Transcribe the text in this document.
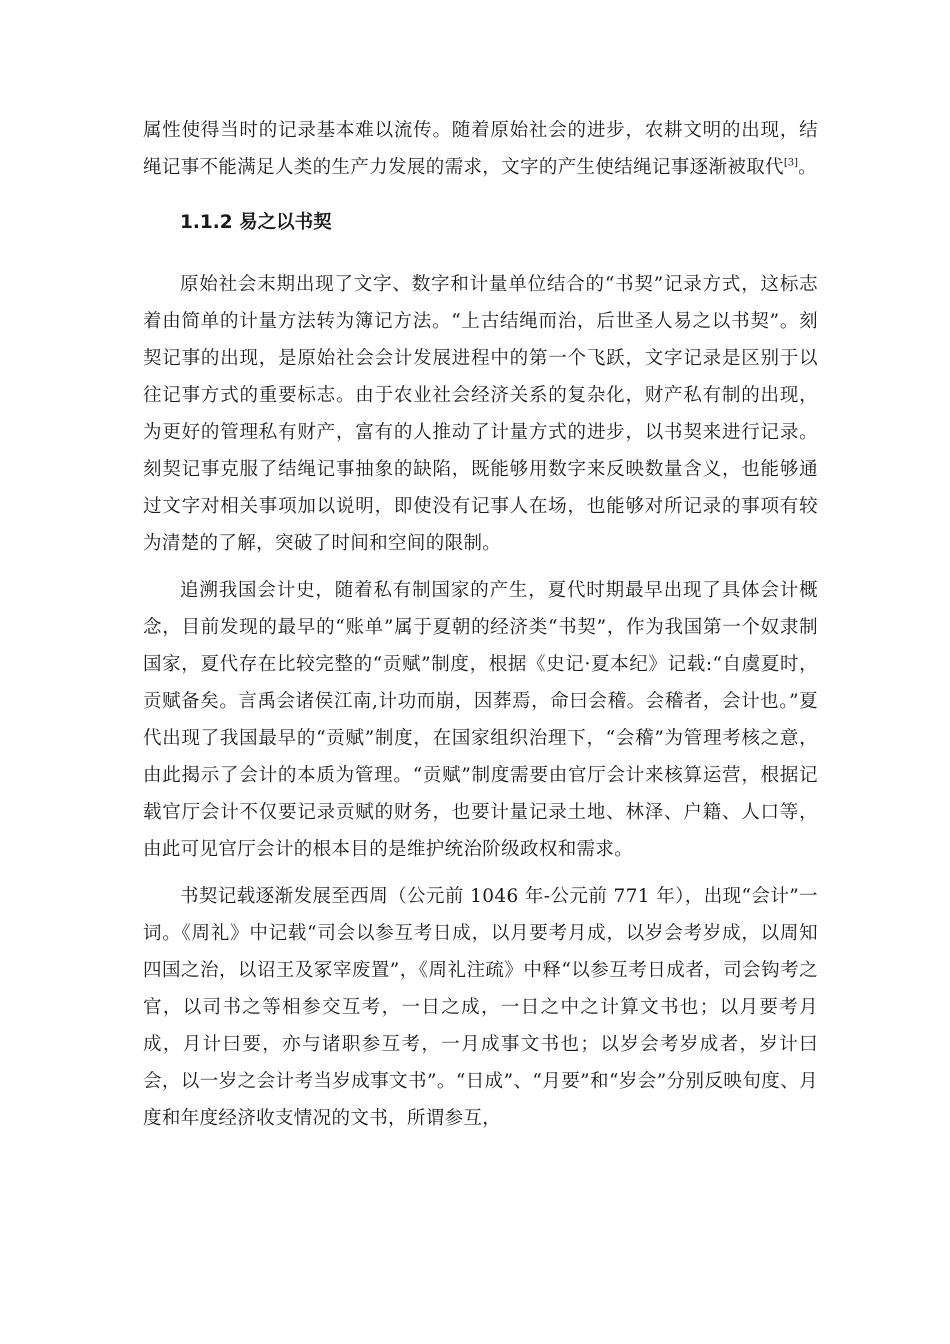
属性使得当时的记录基本难以流传。随着原始社会的进步，农耕文明的出现，结绳记事不能满足人类的生产力发展的需求，文字的产生使结绳记事逐渐被取代[3]。

1.1.2 易之以书契

原始社会末期出现了文字、数字和计量单位结合的“书契”记录方式，这标志着由简单的计量方法转为簿记方法。“上古结绳而治，后世圣人易之以书契”。刻契记事的出现，是原始社会会计发展进程中的第一个飞跃，文字记录是区别于以往记事方式的重要标志。由于农业社会经济关系的复杂化，财产私有制的出现，为更好的管理私有财产，富有的人推动了计量方式的进步，以书契来进行记录。刻契记事克服了结绳记事抽象的缺陷，既能够用数字来反映数量含义，也能够通过文字对相关事项加以说明，即使没有记事人在场，也能够对所记录的事项有较为清楚的了解，突破了时间和空间的限制。

追溯我国会计史，随着私有制国家的产生，夏代时期最早出现了具体会计概念，目前发现的最早的“账单”属于夏朝的经济类“书契”，作为我国第一个奴隶制国家，夏代存在比较完整的“贡赋”制度，根据《史记·夏本纪》记载:“自虞夏时，贡赋备矣。言禹会诸侯江南,计功而崩，因葬焉，命曰会稽。会稽者，会计也。”夏代出现了我国最早的“贡赋”制度，在国家组织治理下，“会稽”为管理考核之意，由此揭示了会计的本质为管理。“贡赋”制度需要由官厅会计来核算运营，根据记载官厅会计不仅要记录贡赋的财务，也要计量记录土地、林泽、户籍、人口等，由此可见官厅会计的根本目的是维护统治阶级政权和需求。

书契记载逐渐发展至西周（公元前 1046 年-公元前 771 年），出现“会计”一词。《周礼》中记载“司会以参互考日成，以月要考月成，以岁会考岁成，以周知四国之治，以诏王及冢宰废置”，《周礼注疏》中释“以参互考日成者，司会钩考之官，以司书之等相参交互考，一日之成，一日之中之计算文书也；以月要考月成，月计曰要，亦与诸职参互考，一月成事文书也；以岁会考岁成者，岁计曰会，以一岁之会计考当岁成事文书”。“日成”、“月要”和“岁会”分别反映旬度、月度和年度经济收支情况的文书，所谓参互，
